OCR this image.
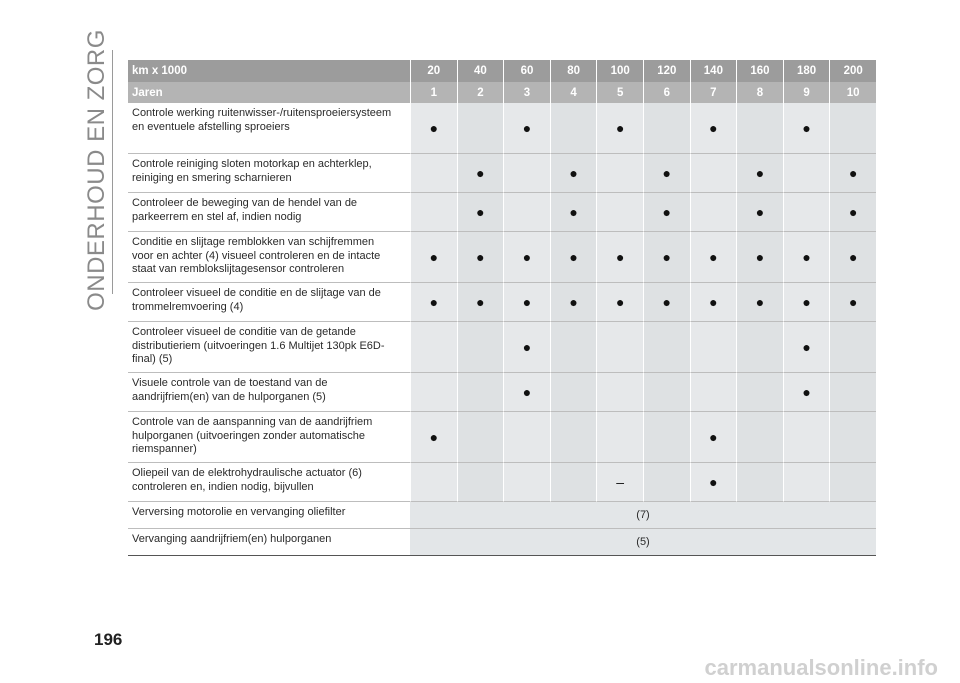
ONDERHOUD EN ZORG km x 1000	20	40	60	80	100	120	140	160	180	200
Jaren	1	2	3	4	5	6	7	8	9	10
Controle werking ruitenwisser-/ruitensproeiersysteem en eventuele afstelling sproeiers	●		●		●		●		●	
Controle reiniging sloten motorkap en achterklep, reiniging en smering scharnieren		●		●		●		●		●
Controleer de beweging van de hendel van de parkeerrem en stel af, indien nodig		●		●		●		●		●
Conditie en slijtage remblokken van schijfremmen voor en achter (4) visueel controleren en de intacte staat van remblokslijtagesensor controleren	●	●	●	●	●	●	●	●	●	●
Controleer visueel de conditie en de slijtage van de trommelremvoering (4)	●	●	●	●	●	●	●	●	●	●
Controleer visueel de conditie van de getande distributieriem (uitvoeringen 1.6 Multijet 130pk E6D-final) (5)			●						●	
Visuele controle van de toestand van de aandrijfriem(en) van de hulporganen (5)			●						●	
Controle van de aanspanning van de aandrijfriem hulporganen (uitvoeringen zonder automatische riemspanner)	●						●			
Oliepeil van de elektrohydraulische actuator (6) controleren en, indien nodig, bijvullen					–		●			
Verversing motorolie en vervanging oliefilter	(7)									
Vervanging aandrijfriem(en) hulporganen	(5)									
196
carmanualsonline.info
